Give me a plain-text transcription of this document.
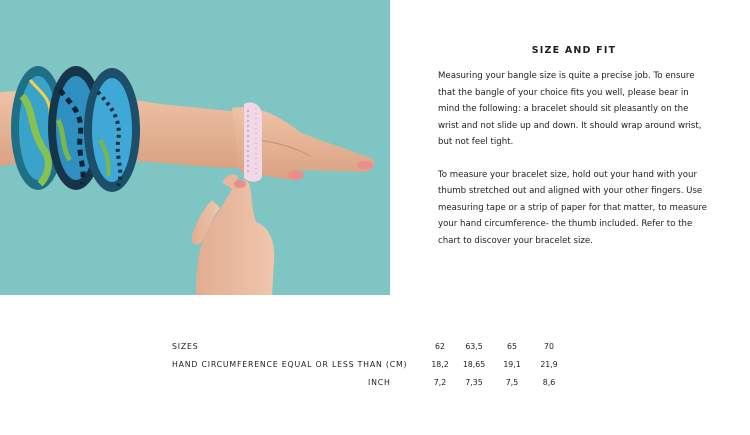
SIZE AND FIT

Measuring your bangle size is quite a precise job. To ensure that the bangle of your choice fits you well, please bear in mind the following: a bracelet should sit pleasantly on the wrist and not slide up and down. It should wrap around wrist, but not feel tight.

To measure your bracelet size, hold out your hand with your thumb stretched out and aligned with your other fingers. Use measuring tape or a strip of paper for that matter, to measure your hand circumference- the thumb included. Refer to the chart to discover your bracelet size.

SIZES	62	63,5	65	70
HAND CIRCUMFERENCE EQUAL OR LESS THAN (CM)	18,2	18,65	19,1	21,9
INCH	7,2	7,35	7,5	8,6
